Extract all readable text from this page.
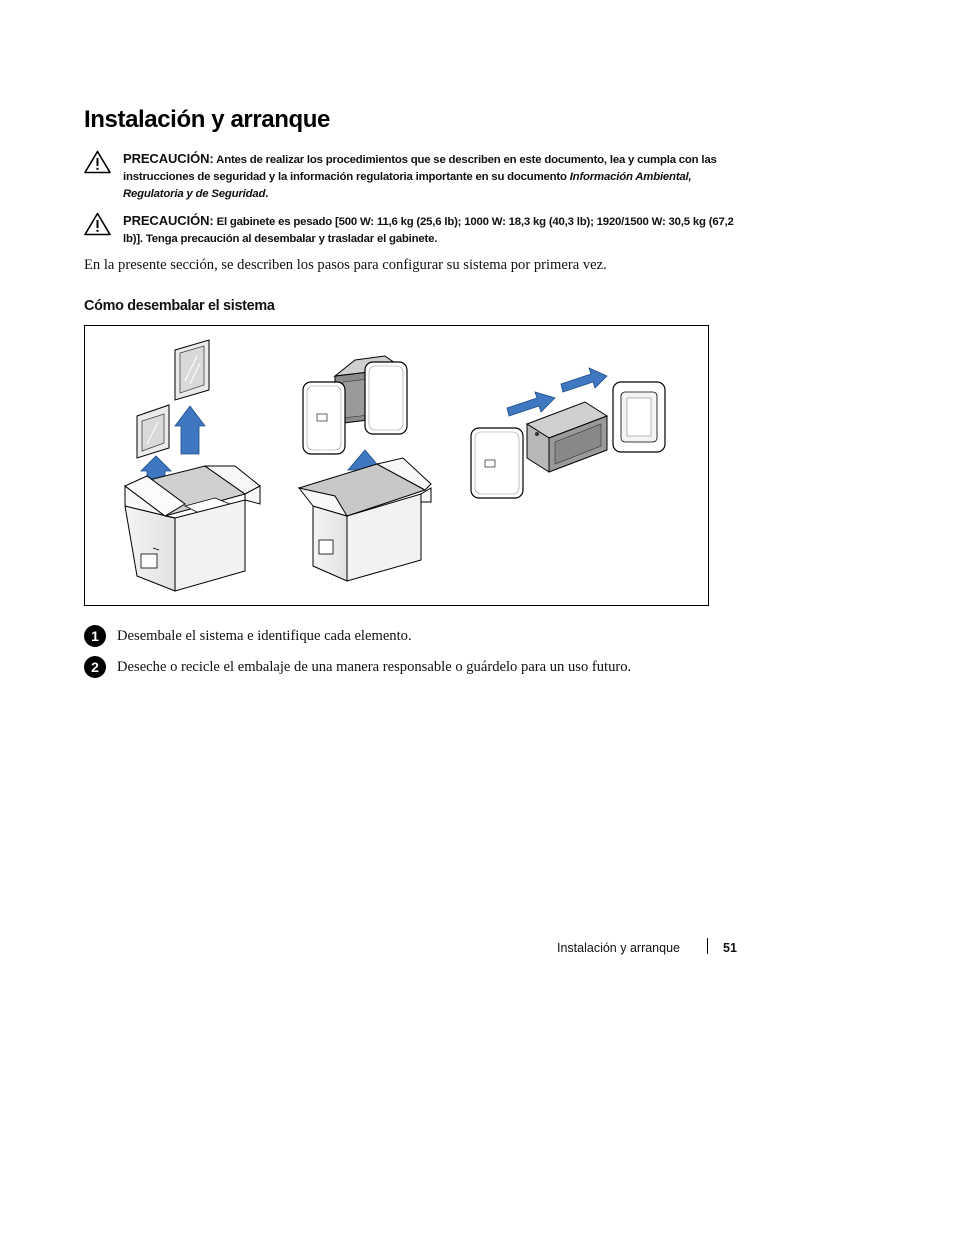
Instalación y arranque
PRECAUCIÓN: Antes de realizar los procedimientos que se describen en este documento, lea y cumpla con las instrucciones de seguridad y la información regulatoria importante en su documento Información Ambiental, Regulatoria y de Seguridad.
PRECAUCIÓN: El gabinete es pesado [500 W: 11,6 kg (25,6 lb); 1000 W: 18,3 kg (40,3 lb); 1920/1500 W: 30,5 kg (67,2 lb)]. Tenga precaución al desembalar y trasladar el gabinete.
En la presente sección, se describen los pasos para configurar su sistema por primera vez.
Cómo desembalar el sistema
1	Desembale el sistema e identifique cada elemento.
2	Deseche o recicle el embalaje de una manera responsable o guárdelo para un uso futuro.
Instalación y arranque	51
